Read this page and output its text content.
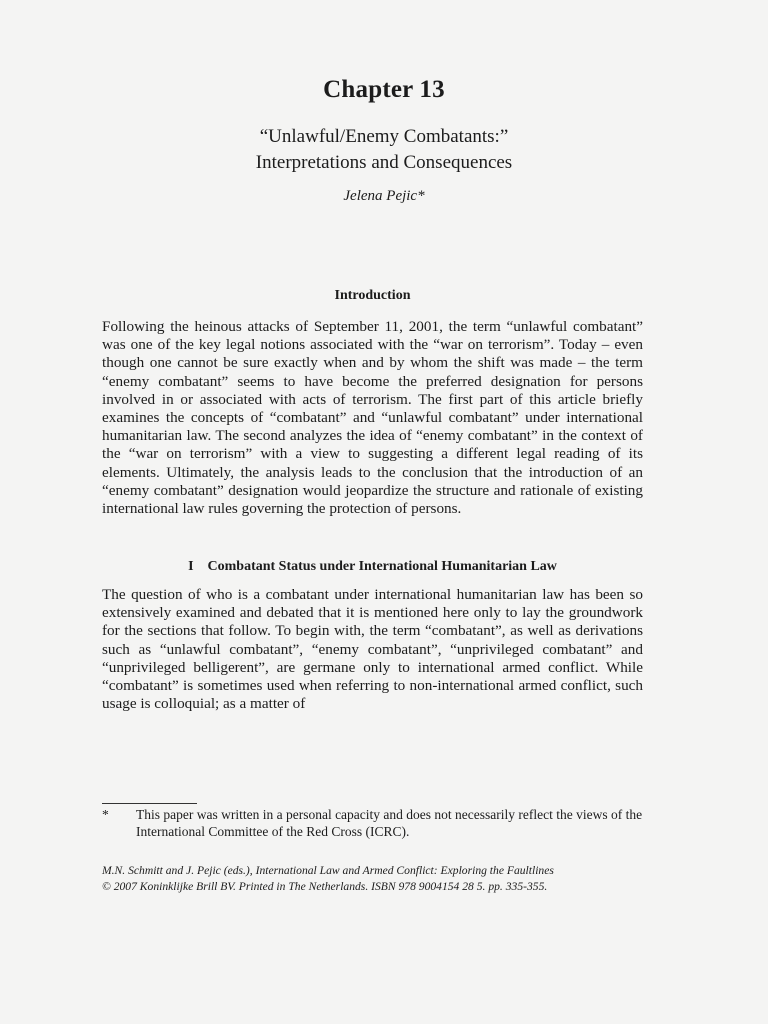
Chapter 13
“Unlawful/Enemy Combatants:”
Interpretations and Consequences
Jelena Pejic*
Introduction

Following the heinous attacks of September 11, 2001, the term “unlawful combatant” was one of the key legal notions associated with the “war on terrorism”. Today – even though one cannot be sure exactly when and by whom the shift was made – the term “enemy combatant” seems to have become the preferred designation for persons involved in or associated with acts of terrorism. The first part of this article briefly examines the concepts of “combatant” and “unlawful combatant” under international humanitarian law. The second analyzes the idea of “enemy combatant” in the context of the “war on terrorism” with a view to suggesting a different legal reading of its elements. Ultimately, the analysis leads to the conclusion that the introduction of an “enemy combatant” designation would jeopardize the structure and rationale of existing international law rules governing the protection of persons.

I Combatant Status under International Humanitarian Law

The question of who is a combatant under international humanitarian law has been so extensively examined and debated that it is mentioned here only to lay the groundwork for the sections that follow. To begin with, the term “combatant”, as well as derivations such as “unlawful combatant”, “enemy combatant”, “unprivileged combatant” and “unprivileged belligerent”, are germane only to international armed conflict. While “combatant” is sometimes used when referring to non-international armed conflict, such usage is colloquial; as a matter of

* This paper was written in a personal capacity and does not necessarily reflect the views of the International Committee of the Red Cross (ICRC).
M.N. Schmitt and J. Pejic (eds.), International Law and Armed Conflict: Exploring the Faultlines
© 2007 Koninklijke Brill BV. Printed in The Netherlands. ISBN 978 9004154 28 5. pp. 335-355.
